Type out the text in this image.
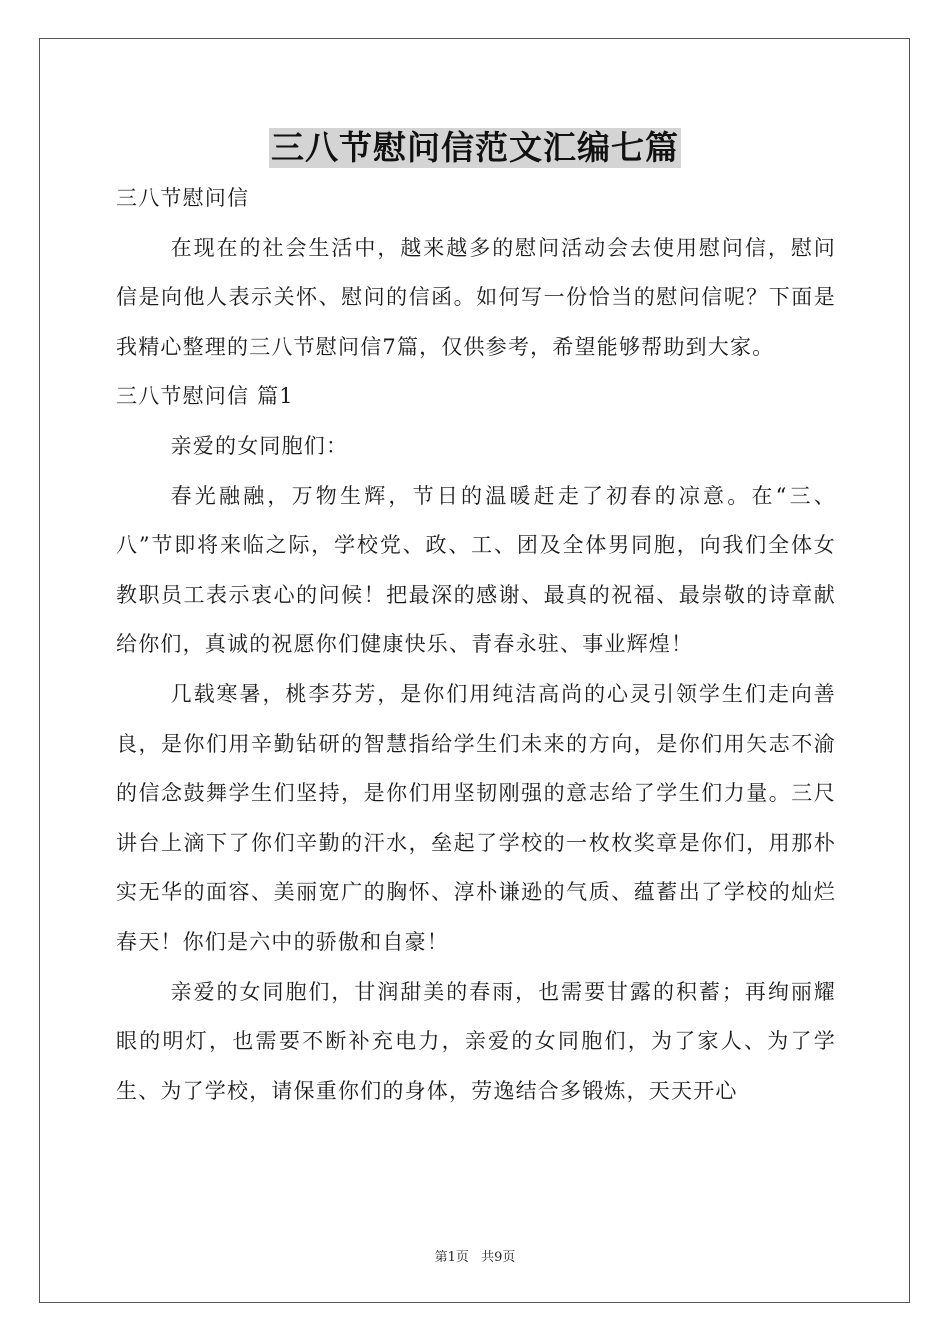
三八节慰问信范文汇编七篇

三八节慰问信

在现在的社会生活中，越来越多的慰问活动会去使用慰问信，慰问信是向他人表示关怀、慰问的信函。如何写一份恰当的慰问信呢？下面是我精心整理的三八节慰问信7篇，仅供参考，希望能够帮助到大家。

三八节慰问信 篇1

亲爱的女同胞们：

春光融融，万物生辉，节日的温暖赶走了初春的凉意。在“三、八”节即将来临之际，学校党、政、工、团及全体男同胞，向我们全体女教职员工表示衷心的问候！把最深的感谢、最真的祝福、最崇敬的诗章献给你们，真诚的祝愿你们健康快乐、青春永驻、事业辉煌！

几载寒暑，桃李芬芳，是你们用纯洁高尚的心灵引领学生们走向善良，是你们用辛勤钻研的智慧指给学生们未来的方向，是你们用矢志不渝的信念鼓舞学生们坚持，是你们用坚韧刚强的意志给了学生们力量。三尺讲台上滴下了你们辛勤的汗水，垒起了学校的一枚枚奖章是你们，用那朴实无华的面容、美丽宽广的胸怀、淳朴谦逊的气质、蕴蓄出了学校的灿烂春天！你们是六中的骄傲和自豪！

亲爱的女同胞们，甘润甜美的春雨，也需要甘露的积蓄；再绚丽耀眼的明灯，也需要不断补充电力，亲爱的女同胞们，为了家人、为了学生、为了学校，请保重你们的身体，劳逸结合多锻炼，天天开心

第1页 共9页
